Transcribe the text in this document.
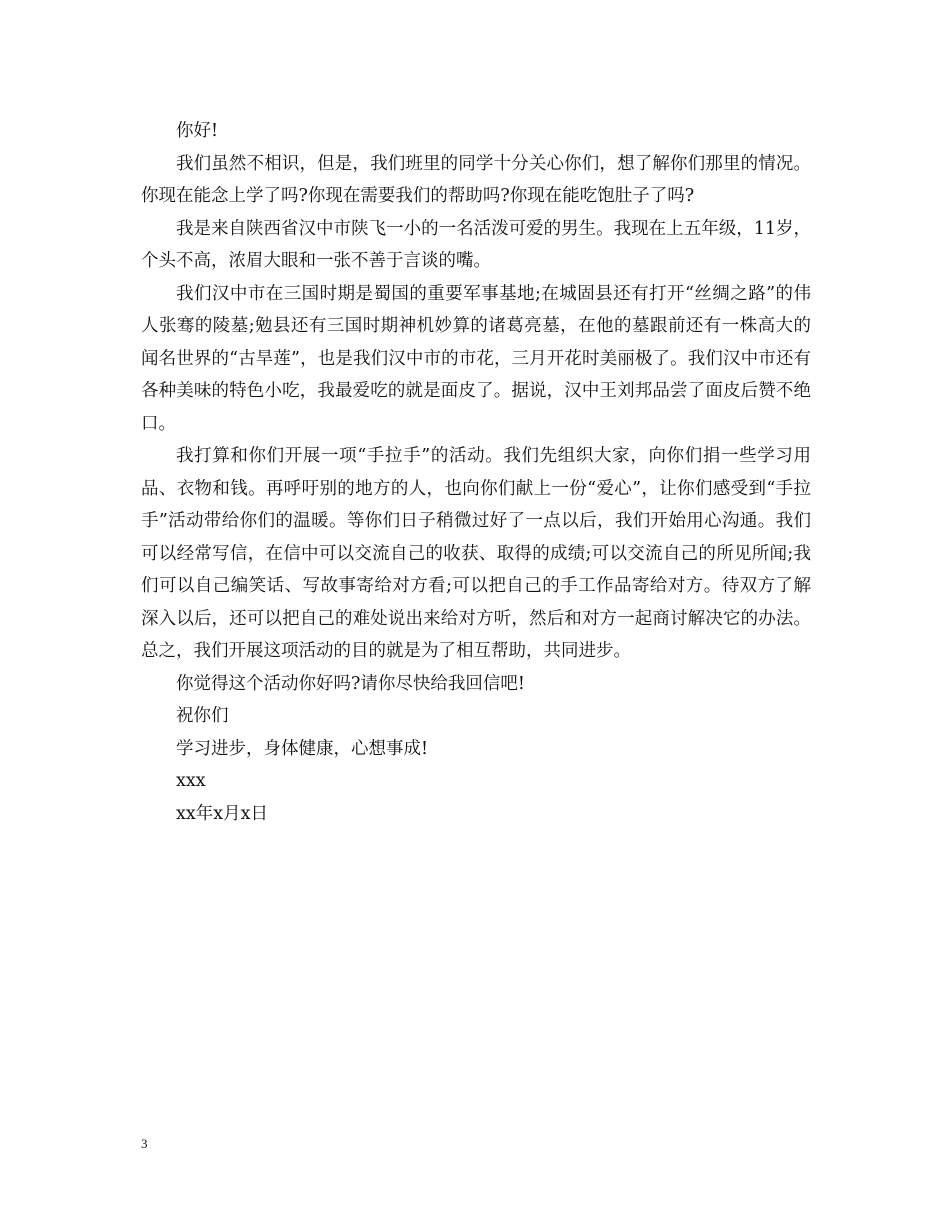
你好!

我们虽然不相识，但是，我们班里的同学十分关心你们，想了解你们那里的情况。你现在能念上学了吗?你现在需要我们的帮助吗?你现在能吃饱肚子了吗?

我是来自陕西省汉中市陕飞一小的一名活泼可爱的男生。我现在上五年级，11岁，个头不高，浓眉大眼和一张不善于言谈的嘴。

我们汉中市在三国时期是蜀国的重要军事基地;在城固县还有打开“丝绸之路”的伟人张骞的陵墓;勉县还有三国时期神机妙算的诸葛亮墓，在他的墓跟前还有一株高大的闻名世界的“古旱莲”，也是我们汉中市的市花，三月开花时美丽极了。我们汉中市还有各种美味的特色小吃，我最爱吃的就是面皮了。据说，汉中王刘邦品尝了面皮后赞不绝口。

我打算和你们开展一项“手拉手”的活动。我们先组织大家，向你们捐一些学习用品、衣物和钱。再呼吁别的地方的人，也向你们献上一份“爱心”，让你们感受到“手拉手”活动带给你们的温暖。等你们日子稍微过好了一点以后，我们开始用心沟通。我们可以经常写信，在信中可以交流自己的收获、取得的成绩;可以交流自己的所见所闻;我们可以自己编笑话、写故事寄给对方看;可以把自己的手工作品寄给对方。待双方了解深入以后，还可以把自己的难处说出来给对方听，然后和对方一起商讨解决它的办法。总之，我们开展这项活动的目的就是为了相互帮助，共同进步。

你觉得这个活动你好吗?请你尽快给我回信吧!

祝你们

学习进步，身体健康，心想事成!

xxx

xx年x月x日

3
